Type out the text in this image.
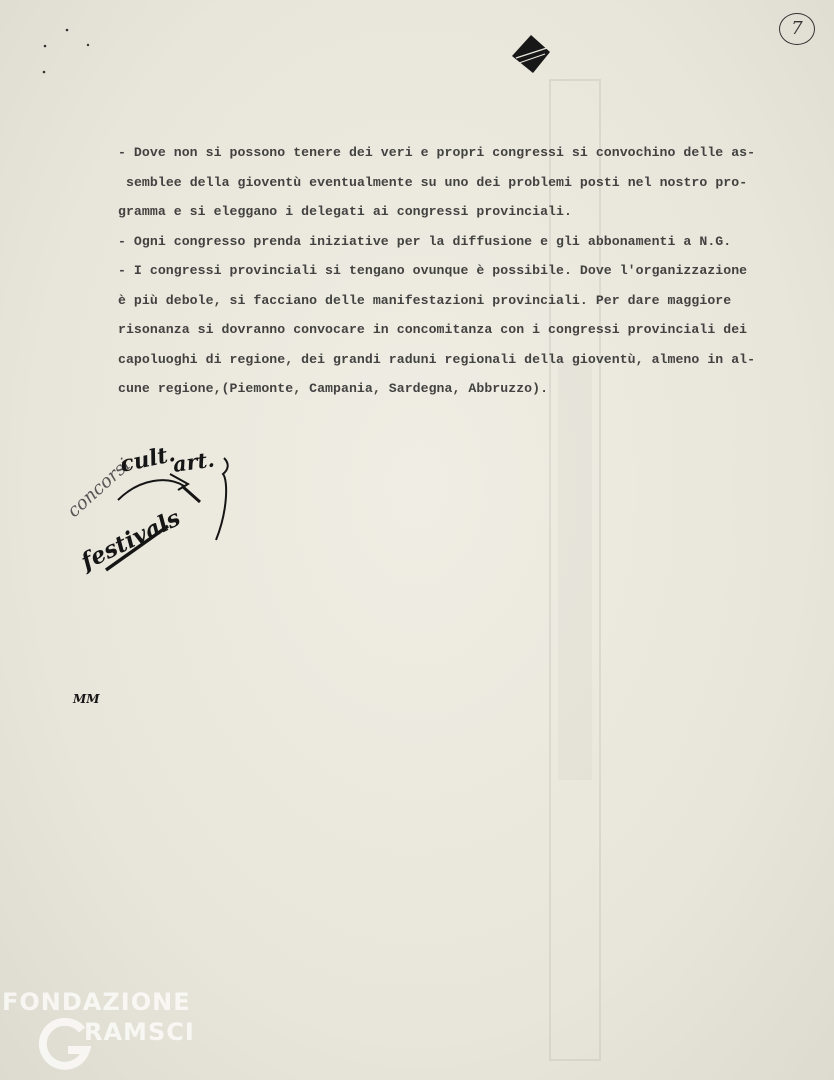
7
- Dove non si possono tenere dei veri e propri congressi si convochino delle as-
semblee della gioventù eventualmente su uno dei problemi posti nel nostro pro-
gramma e si eleggano i delegati ai congressi provinciali.
- Ogni congresso prenda iniziative per la diffusione e gli abbonamenti a N.G.
- I congressi provinciali si tengano ovunque è possibile. Dove l'organizzazione
è più debole, si facciano delle manifestazioni provinciali. Per dare maggiore
risonanza si dovranno convocare in concomitanza con i congressi provinciali dei
capoluoghi di regione, dei grandi raduni regionali della gioventù, almeno in al-
cune regione,(Piemonte, Campania, Sardegna, Abbruzzo).
concorsi
cult.
art.
festivals
MM
FONDAZIONE
RAMSCI
